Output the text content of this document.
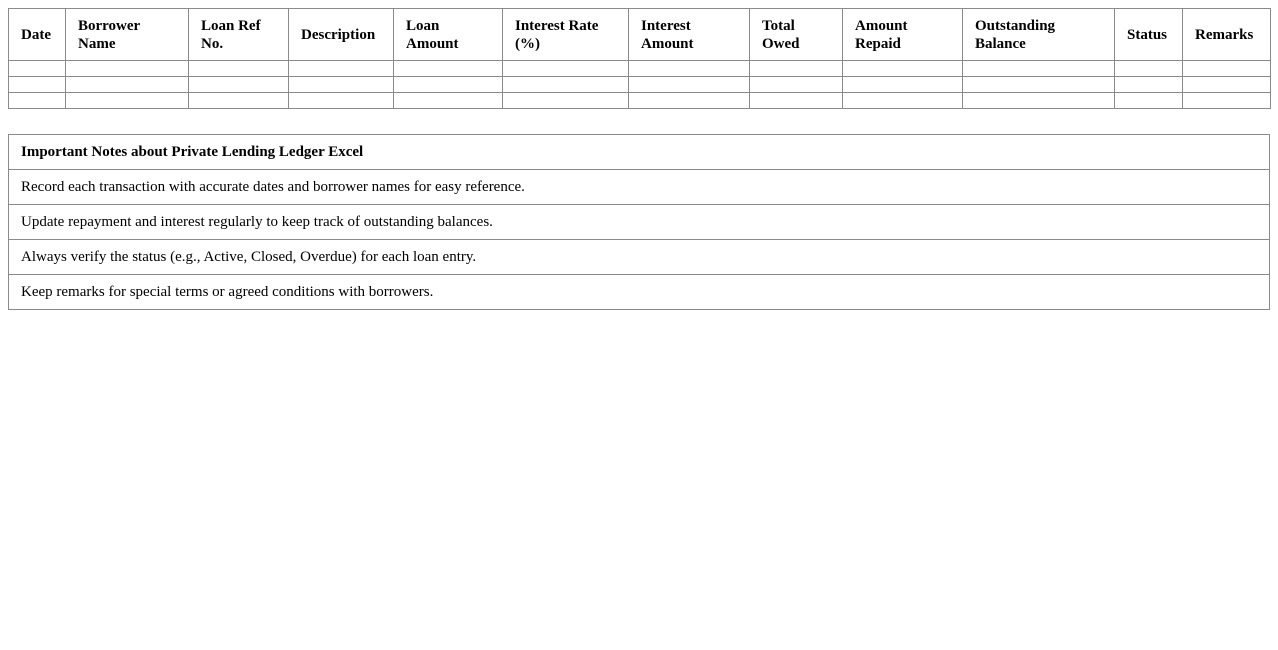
Date	Borrower Name	Loan Ref No.	Description	Loan Amount	Interest Rate (%)	Interest Amount	Total Owed	Amount Repaid	Outstanding Balance	Status	Remarks

Important Notes about Private Lending Ledger Excel
Record each transaction with accurate dates and borrower names for easy reference.
Update repayment and interest regularly to keep track of outstanding balances.
Always verify the status (e.g., Active, Closed, Overdue) for each loan entry.
Keep remarks for special terms or agreed conditions with borrowers.
